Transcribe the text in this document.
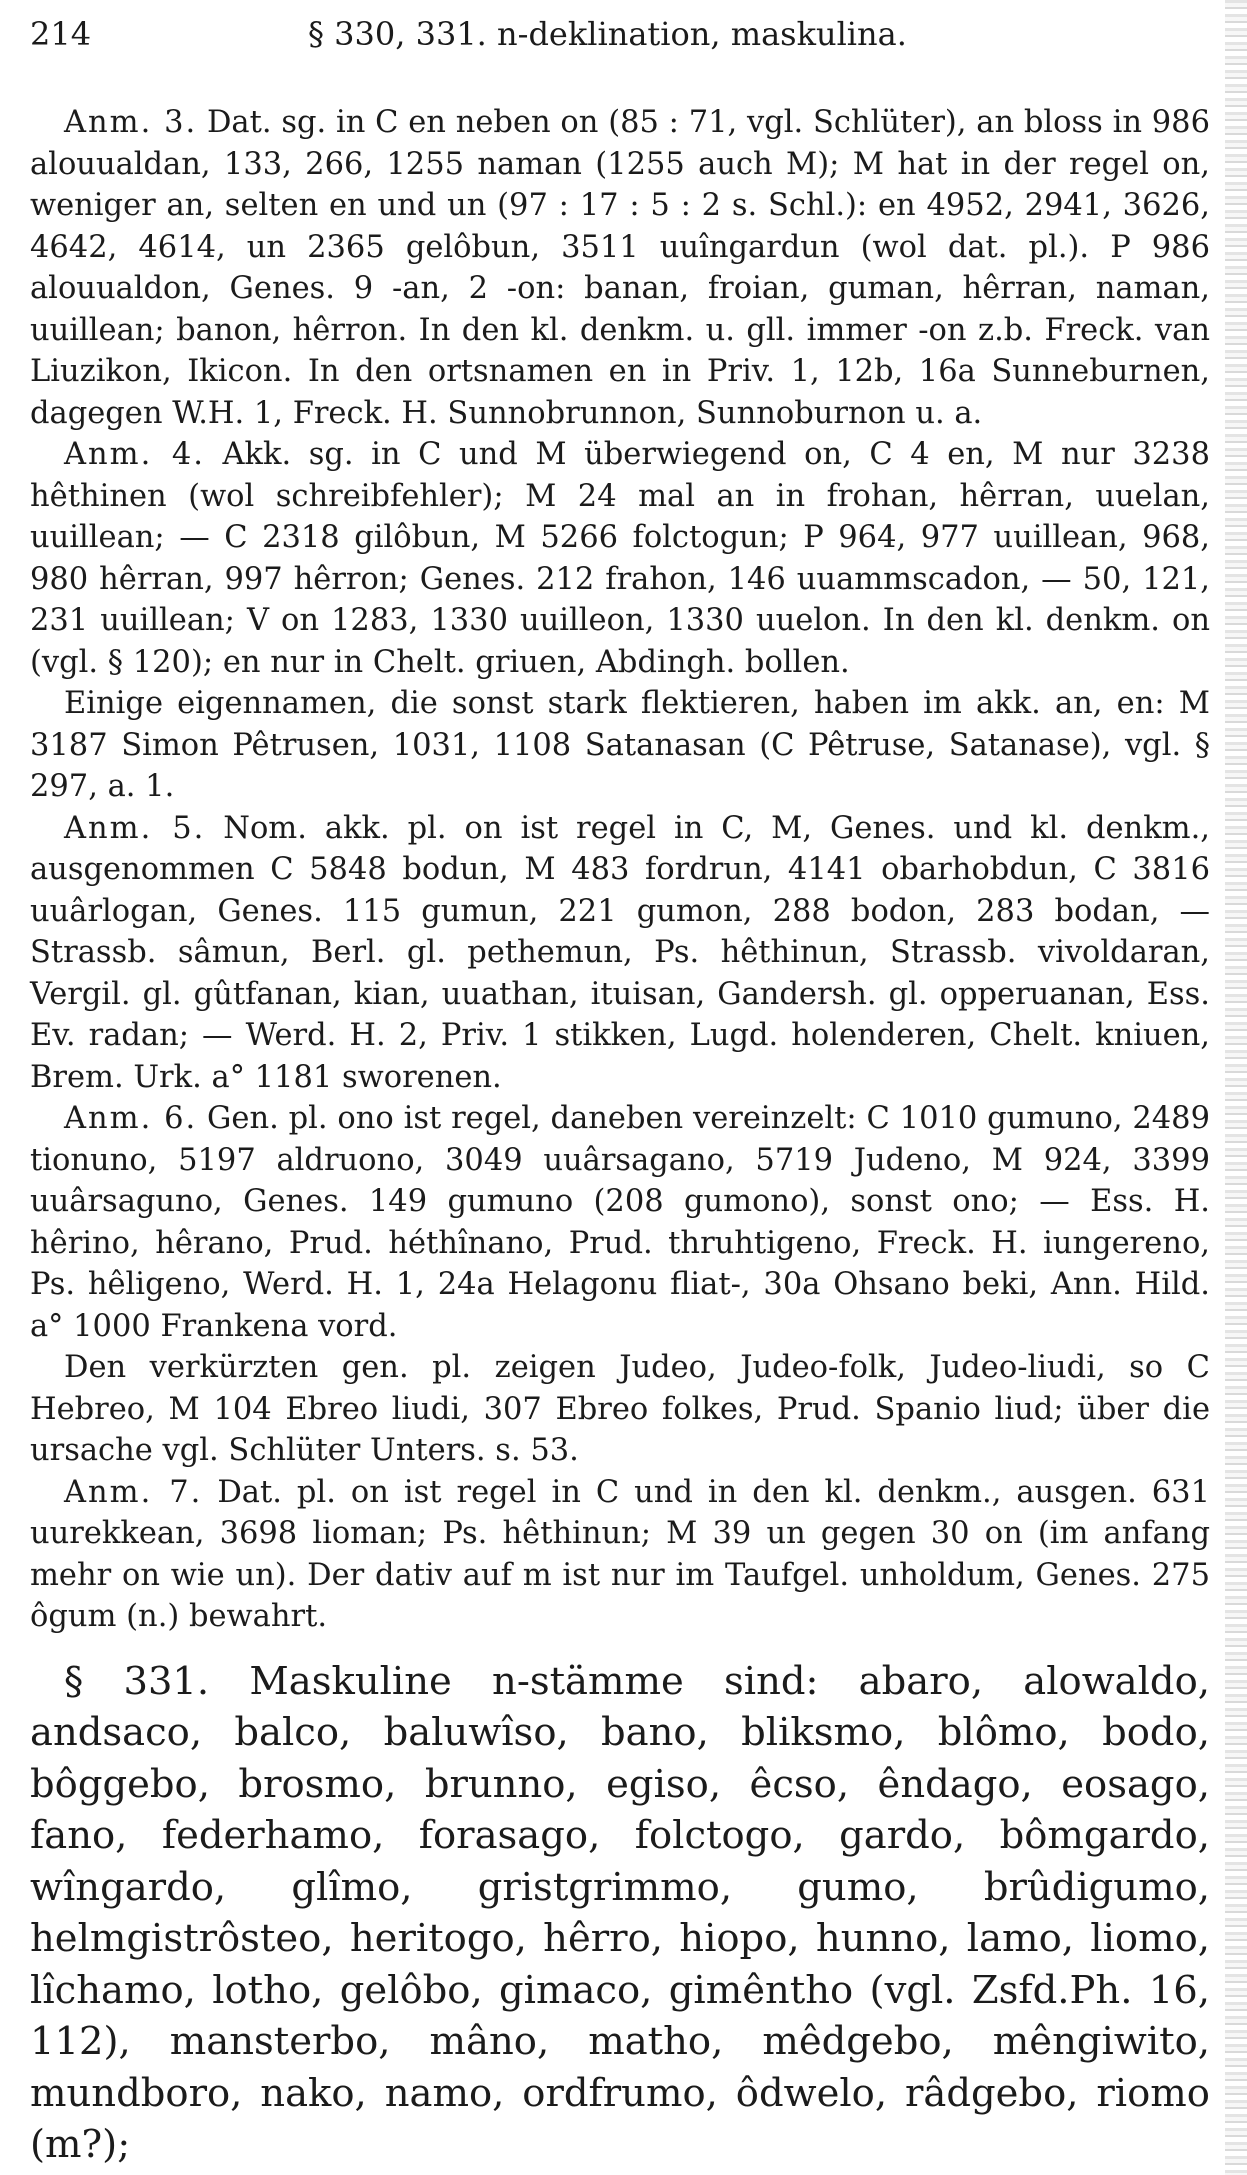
214	§ 330, 331. n-deklination, maskulina.

Anm. 3. Dat. sg. in C en neben on (85 : 71, vgl. Schlüter), an bloss in 986 alouualdan, 133, 266, 1255 naman (1255 auch M); M hat in der regel on, weniger an, selten en und un (97 : 17 : 5 : 2 s. Schl.): en 4952, 2941, 3626, 4642, 4614, un 2365 gelôbun, 3511 uuîngardun (wol dat. pl.). P 986 alouualdon, Genes. 9 -an, 2 -on: banan, froian, guman, hêrran, naman, uuillean; banon, hêrron. In den kl. denkm. u. gll. immer -on z.b. Freck. van Liuzikon, Ikicon. In den ortsnamen en in Priv. 1, 12b, 16a Sunneburnen, dagegen W.H. 1, Freck. H. Sunnobrunnon, Sunnoburnon u. a.

Anm. 4. Akk. sg. in C und M überwiegend on, C 4 en, M nur 3238 hêthinen (wol schreibfehler); M 24 mal an in frohan, hêrran, uuelan, uuillean; — C 2318 gilôbun, M 5266 folctogun; P 964, 977 uuillean, 968, 980 hêrran, 997 hêrron; Genes. 212 frahon, 146 uuammscadon, — 50, 121, 231 uuillean; V on 1283, 1330 uuilleon, 1330 uuelon. In den kl. denkm. on (vgl. § 120); en nur in Chelt. griuen, Abdingh. bollen.

Einige eigennamen, die sonst stark flektieren, haben im akk. an, en: M 3187 Simon Pêtrusen, 1031, 1108 Satanasan (C Pêtruse, Satanase), vgl. § 297, a. 1.

Anm. 5. Nom. akk. pl. on ist regel in C, M, Genes. und kl. denkm., ausgenommen C 5848 bodun, M 483 fordrun, 4141 obarhobdun, C 3816 uuârlogan, Genes. 115 gumun, 221 gumon, 288 bodon, 283 bodan, — Strassb. sâmun, Berl. gl. pethemun, Ps. hêthinun, Strassb. vivoldaran, Vergil. gl. gûtfanan, kian, uuathan, ituisan, Gandersh. gl. opperuanan, Ess. Ev. radan; — Werd. H. 2, Priv. 1 stikken, Lugd. holenderen, Chelt. kniuen, Brem. Urk. a° 1181 sworenen.

Anm. 6. Gen. pl. ono ist regel, daneben vereinzelt: C 1010 gumuno, 2489 tionuno, 5197 aldruono, 3049 uuârsagano, 5719 Judeno, M 924, 3399 uuârsaguno, Genes. 149 gumuno (208 gumono), sonst ono; — Ess. H. hêrino, hêrano, Prud. héthînano, Prud. thruhtigeno, Freck. H. iungereno, Ps. hêligeno, Werd. H. 1, 24a Helagonu fliat-, 30a Ohsano beki, Ann. Hild. a° 1000 Frankena vord.

Den verkürzten gen. pl. zeigen Judeo, Judeo-folk, Judeo-liudi, so C Hebreo, M 104 Ebreo liudi, 307 Ebreo folkes, Prud. Spanio liud; über die ursache vgl. Schlüter Unters. s. 53.

Anm. 7. Dat. pl. on ist regel in C und in den kl. denkm., ausgen. 631 uurekkean, 3698 lioman; Ps. hêthinun; M 39 un gegen 30 on (im anfang mehr on wie un). Der dativ auf m ist nur im Taufgel. unholdum, Genes. 275 ôgum (n.) bewahrt.

§ 331. Maskuline n-stämme sind: abaro, alowaldo, andsaco, balco, baluwîso, bano, bliksmo, blômo, bodo, bôggebo, brosmo, brunno, egiso, êcso, êndago, eosago, fano, federhamo, forasago, folctogo, gardo, bômgardo, wîngardo, glîmo, gristgrimmo, gumo, brûdigumo, helmgistrôsteo, heritogo, hêrro, hiopo, hunno, lamo, liomo, lîchamo, lotho, gelôbo, gimaco, gimêntho (vgl. Zsfd.Ph. 16, 112), mansterbo, mâno, matho, mêdgebo, mêngiwito, mundboro, nako, namo, ordfrumo, ôdwelo, râdgebo, riomo (m?);
